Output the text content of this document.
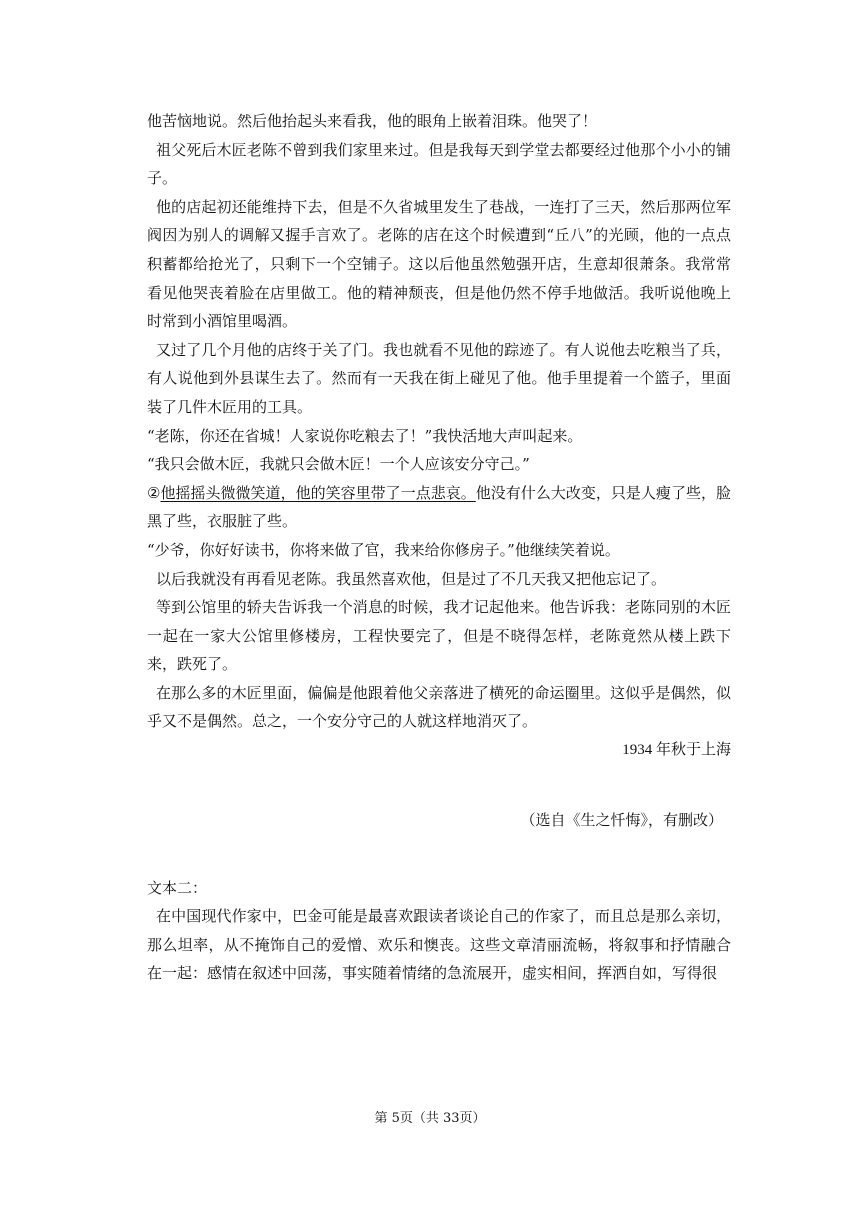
他苦恼地说。然后他抬起头来看我，他的眼角上嵌着泪珠。他哭了！

祖父死后木匠老陈不曾到我们家里来过。但是我每天到学堂去都要经过他那个小小的铺子。

他的店起初还能维持下去，但是不久省城里发生了巷战，一连打了三天，然后那两位军阀因为别人的调解又握手言欢了。老陈的店在这个时候遭到“丘八”的光顾，他的一点点积蓄都给抢光了，只剩下一个空铺子。这以后他虽然勉强开店，生意却很萧条。我常常看见他哭丧着脸在店里做工。他的精神颓丧，但是他仍然不停手地做活。我听说他晚上时常到小酒馆里喝酒。

又过了几个月他的店终于关了门。我也就看不见他的踪迹了。有人说他去吃粮当了兵，有人说他到外县谋生去了。然而有一天我在街上碰见了他。他手里提着一个篮子，里面装了几件木匠用的工具。

“老陈，你还在省城！人家说你吃粮去了！”我快活地大声叫起来。

“我只会做木匠，我就只会做木匠！一个人应该安分守己。”

②他摇摇头微微笑道，他的笑容里带了一点悲哀。他没有什么大改变，只是人瘦了些，脸黑了些，衣服脏了些。

“少爷，你好好读书，你将来做了官，我来给你修房子。”他继续笑着说。

以后我就没有再看见老陈。我虽然喜欢他，但是过了不几天我又把他忘记了。

等到公馆里的轿夫告诉我一个消息的时候，我才记起他来。他告诉我：老陈同别的木匠一起在一家大公馆里修楼房，工程快要完了，但是不晓得怎样，老陈竟然从楼上跌下来，跌死了。

在那么多的木匠里面，偏偏是他跟着他父亲落进了横死的命运圈里。这似乎是偶然，似乎又不是偶然。总之，一个安分守己的人就这样地消灭了。

1934 年秋于上海
（选自《生之忏悔》，有删改）
文本二：

在中国现代作家中，巴金可能是最喜欢跟读者谈论自己的作家了，而且总是那么亲切，那么坦率，从不掩饰自己的爱憎、欢乐和懊丧。这些文章清丽流畅，将叙事和抒情融合在一起：感情在叙述中回荡，事实随着情绪的急流展开，虚实相间，挥洒自如，写得很

第 5页（共 33页）
